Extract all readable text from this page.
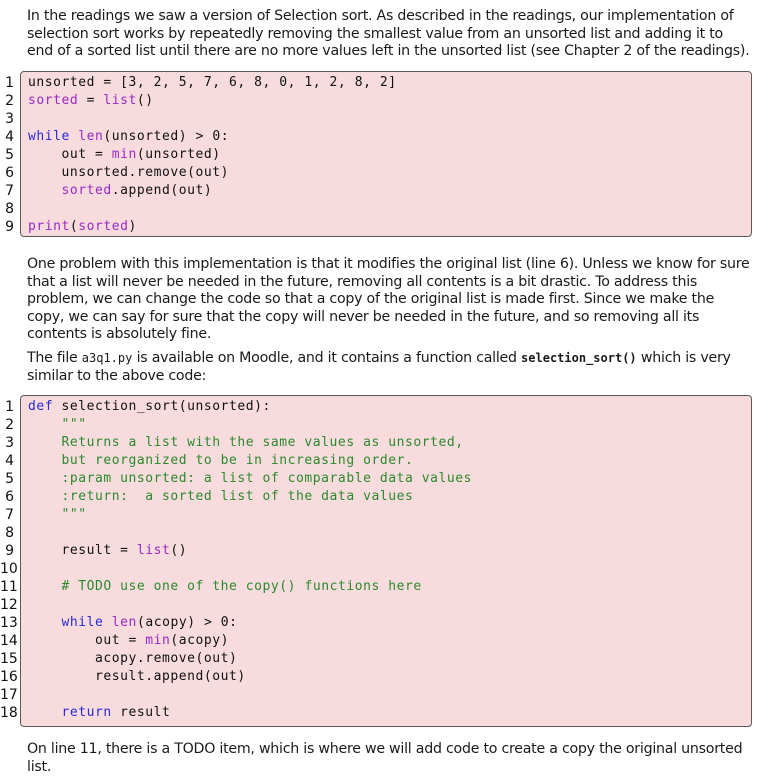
In the readings we saw a version of Selection sort. As described in the readings, our implementation of selection sort works by repeatedly removing the smallest value from an unsorted list and adding it to end of a sorted list until there are no more values left in the unsorted list (see Chapter 2 of the readings).

1 unsorted = [3, 2, 5, 7, 6, 8, 0, 1, 2, 8, 2]
2 sorted = list()
3
4 while len(unsorted) > 0:
5 out = min(unsorted)
6 unsorted.remove(out)
7	sorted.append(out)
8
9 print(sorted)

One problem with this implementation is that it modifies the original list (line 6). Unless we know for sure that a list will never be needed in the future, removing all contents is a bit drastic. To address this problem, we can change the code so that a copy of the original list is made first. Since we make the copy, we can say for sure that the copy will never be needed in the future, and so removing all its contents is absolutely fine.

The file a3q1.py is available on Moodle, and it contains a function called selection_sort() which is very similar to the above code:

1 def selection_sort(unsorted):
2 """
3 Returns a list with the same values as unsorted,
4 but reorganized to be in increasing order.
5 :param unsorted: a list of comparable data values
6 :return:  a sorted list of the data values
7 """
8
9 result = list()
10
11	# TODO use one of the copy() functions here
12
13	while len(acopy) > 0:
14 out = min(acopy)
15 acopy.remove(out)
16 result.append(out)
17
18	return result

On line 11, there is a TODO item, which is where we will add code to create a copy the original unsorted list.
